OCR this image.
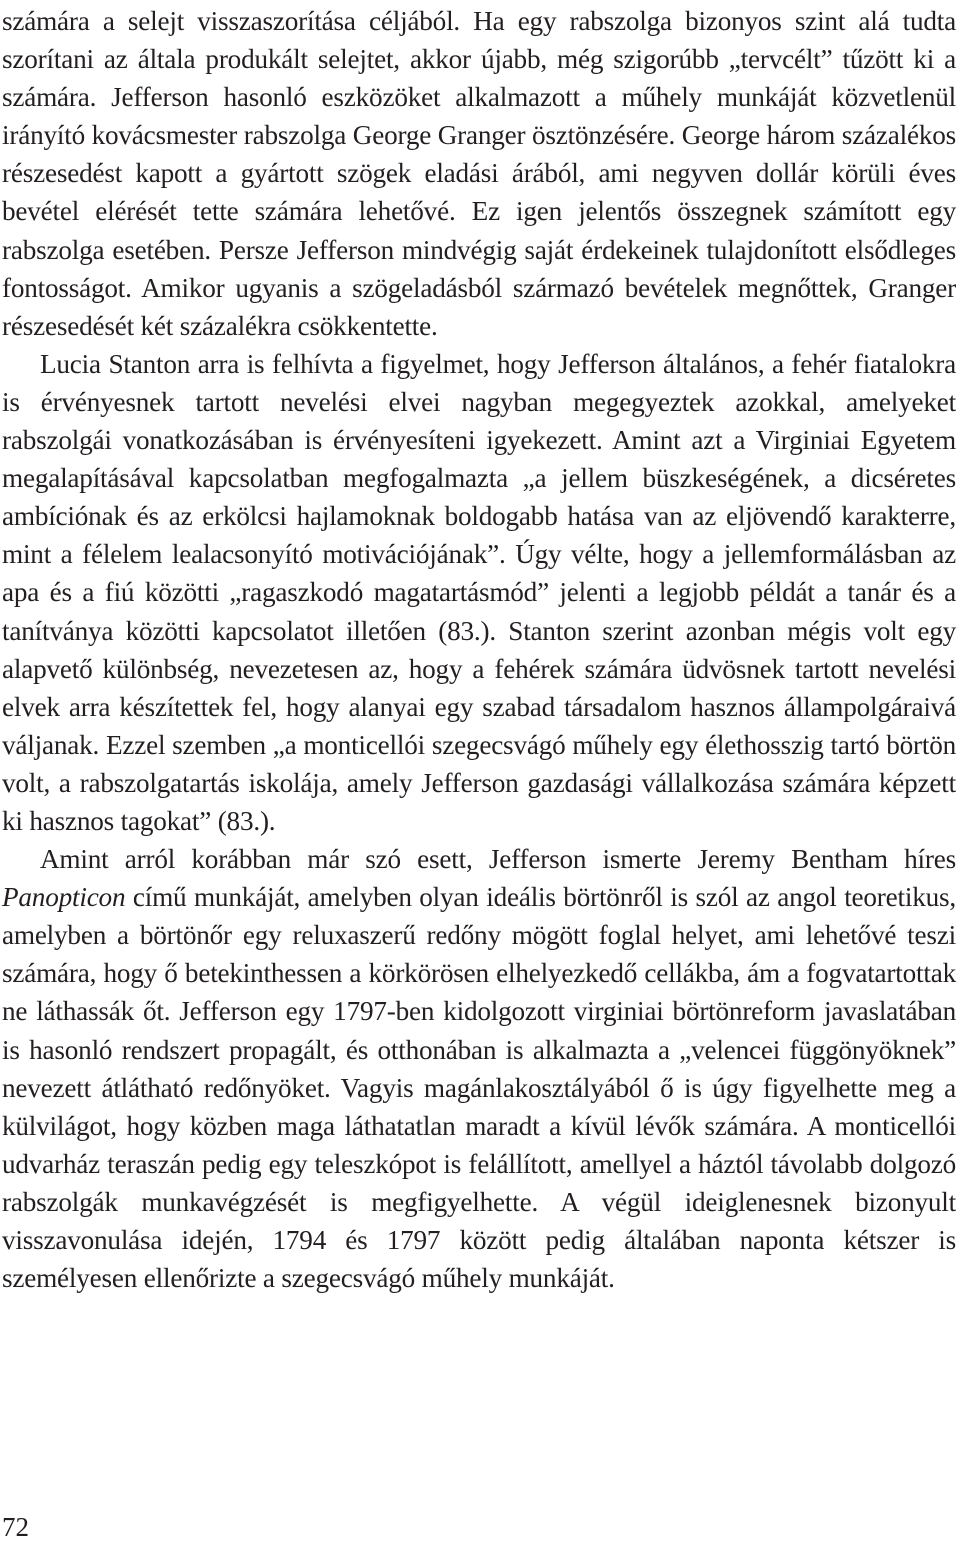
számára a selejt visszaszorítása céljából. Ha egy rabszolga bizonyos szint alá tudta szorítani az általa produkált selejtet, akkor újabb, még szigorúbb „tervcélt” tűzött ki a számára. Jefferson hasonló eszközöket alkalmazott a műhely munkáját közvetlenül irányító kovácsmester rabszolga George Granger ösztönzésére. George három százalékos részesedést kapott a gyártott szögek eladási árából, ami negyven dollár körüli éves bevétel elérését tette számára lehetővé. Ez igen jelentős összegnek számított egy rabszolga esetében. Persze Jefferson mindvégig saját érdekeinek tulajdonított elsődleges fontosságot. Amikor ugyanis a szögeladásból származó bevételek megnőttek, Granger részesedését két százalékra csökkentette.

Lucia Stanton arra is felhívta a figyelmet, hogy Jefferson általános, a fehér fiatalokra is érvényesnek tartott nevelési elvei nagyban megegyeztek azokkal, amelyeket rabszolgái vonatkozásában is érvényesíteni igyekezett. Amint azt a Virginiai Egyetem megalapításával kapcsolatban megfogalmazta „a jellem büszkeségének, a dicséretes ambíciónak és az erkölcsi hajlamoknak boldogabb hatása van az eljövendő karakterre, mint a félelem lealacsonyító motivációjának”. Úgy vélte, hogy a jellemformálásban az apa és a fiú közötti „ragaszkodó magatartásmód” jelenti a legjobb példát a tanár és a tanítványa közötti kapcsolatot illetően (83.). Stanton szerint azonban mégis volt egy alapvető különbség, nevezetesen az, hogy a fehérek számára üdvösnek tartott nevelési elvek arra készítettek fel, hogy alanyai egy szabad társadalom hasznos állampolgáraivá váljanak. Ezzel szemben „a monticellói szegecsvágó műhely egy élethosszig tartó börtön volt, a rabszolgatartás iskolája, amely Jefferson gazdasági vállalkozása számára képzett ki hasznos tagokat” (83.).

Amint arról korábban már szó esett, Jefferson ismerte Jeremy Bentham híres Panopticon című munkáját, amelyben olyan ideális börtönről is szól az angol teoretikus, amelyben a börtönőr egy reluxaszerű redőny mögött foglal helyet, ami lehetővé teszi számára, hogy ő betekinthessen a körkörösen elhelyezkedő cellákba, ám a fogvatartottak ne láthassák őt. Jefferson egy 1797-ben kidolgozott virginiai börtönreform javaslatában is hasonló rendszert propagált, és otthonában is alkalmazta a „velencei függönyöknek” nevezett átlátható redőnyöket. Vagyis magánlakosztályából ő is úgy figyelhette meg a külvilágot, hogy közben maga láthatatlan maradt a kívül lévők számára. A monticellói udvarház teraszán pedig egy teleszkópot is felállított, amellyel a háztól távolabb dolgozó rabszolgák munkavégzését is megfigyelhette. A végül ideiglenesnek bizonyult visszavonulása idején, 1794 és 1797 között pedig általában naponta kétszer is személyesen ellenőrizte a szegecsvágó műhely munkáját.

72
